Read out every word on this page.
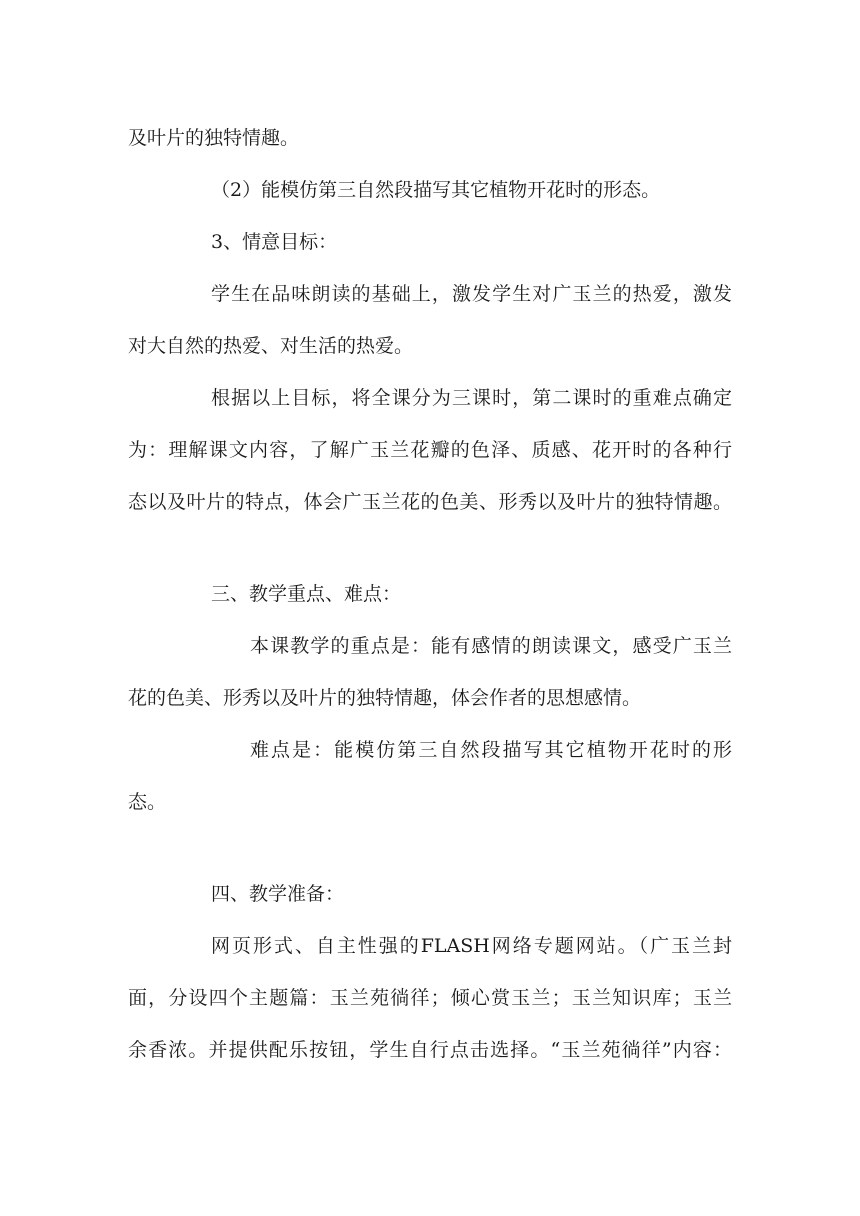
及叶片的独特情趣。
（2）能模仿第三自然段描写其它植物开花时的形态。
3、情意目标：
学生在品味朗读的基础上，激发学生对广玉兰的热爱，激发
对大自然的热爱、对生活的热爱。
根据以上目标，将全课分为三课时，第二课时的重难点确定
为：理解课文内容，了解广玉兰花瓣的色泽、质感、花开时的各种行
态以及叶片的特点，体会广玉兰花的色美、形秀以及叶片的独特情趣。
三、教学重点、难点：
本课教学的重点是：能有感情的朗读课文，感受广玉兰
花的色美、形秀以及叶片的独特情趣，体会作者的思想感情。
难点是：能模仿第三自然段描写其它植物开花时的形
态。
四、教学准备：
网页形式、自主性强的FLASH网络专题网站。（广玉兰封
面，分设四个主题篇：玉兰苑徜徉；倾心赏玉兰；玉兰知识库；玉兰
余香浓。并提供配乐按钮，学生自行点击选择。“玉兰苑徜徉”内容：
